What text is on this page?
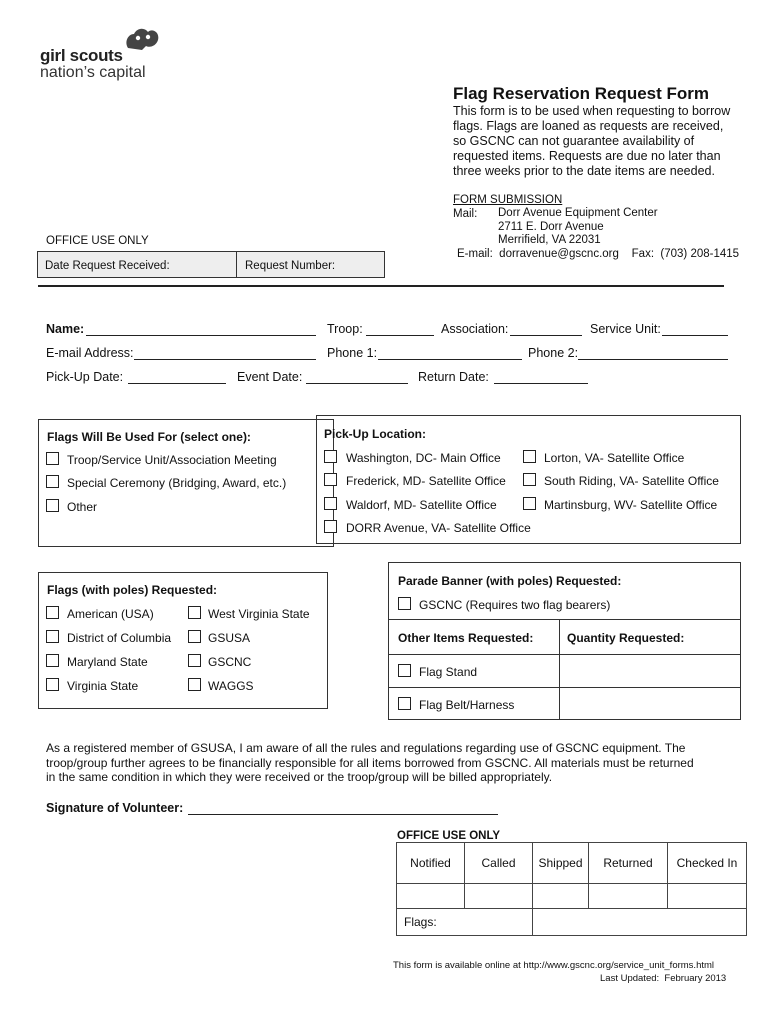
girl scouts
nation’s capital
Flag Reservation Request Form
This form is to be used when requesting to borrow
flags. Flags are loaned as requests are received,
so GSCNC can not guarantee availability of
requested items. Requests are due no later than
three weeks prior to the date items are needed.
FORM SUBMISSION
Mail: Dorr Avenue Equipment Center
2711 E. Dorr Avenue
Merrifield, VA 22031
E-mail:  dorravenue@gscnc.org    Fax:  (703) 208-1415
OFFICE USE ONLY
Date Request Received:	Request Number:
Name:	Troop:	Association:	Service Unit:
E-mail Address:	Phone 1:	Phone 2:
Pick-Up Date:	Event Date:	Return Date:
Flags Will Be Used For (select one):
Troop/Service Unit/Association Meeting
Special Ceremony (Bridging, Award, etc.)
Other
Pick-Up Location:
Washington, DC- Main Office
Frederick, MD- Satellite Office
Waldorf, MD- Satellite Office
DORR Avenue, VA- Satellite Office
Lorton, VA- Satellite Office
South Riding, VA- Satellite Office
Martinsburg, WV- Satellite Office
Flags (with poles) Requested:
American (USA)
District of Columbia
Maryland State
Virginia State
West Virginia State
GSUSA
GSCNC
WAGGS
Parade Banner (with poles) Requested:
GSCNC (Requires two flag bearers)
Other Items Requested:	Quantity Requested:
Flag Stand
Flag Belt/Harness
As a registered member of GSUSA, I am aware of all the rules and regulations regarding use of GSCNC equipment. The
troop/group further agrees to be financially responsible for all items borrowed from GSCNC. All materials must be returned
in the same condition in which they were received or the troop/group will be billed appropriately.
Signature of Volunteer:
OFFICE USE ONLY
Notified	Called	Shipped	Returned	Checked In
Flags:
This form is available online at http://www.gscnc.org/service_unit_forms.html
Last Updated:  February 2013
